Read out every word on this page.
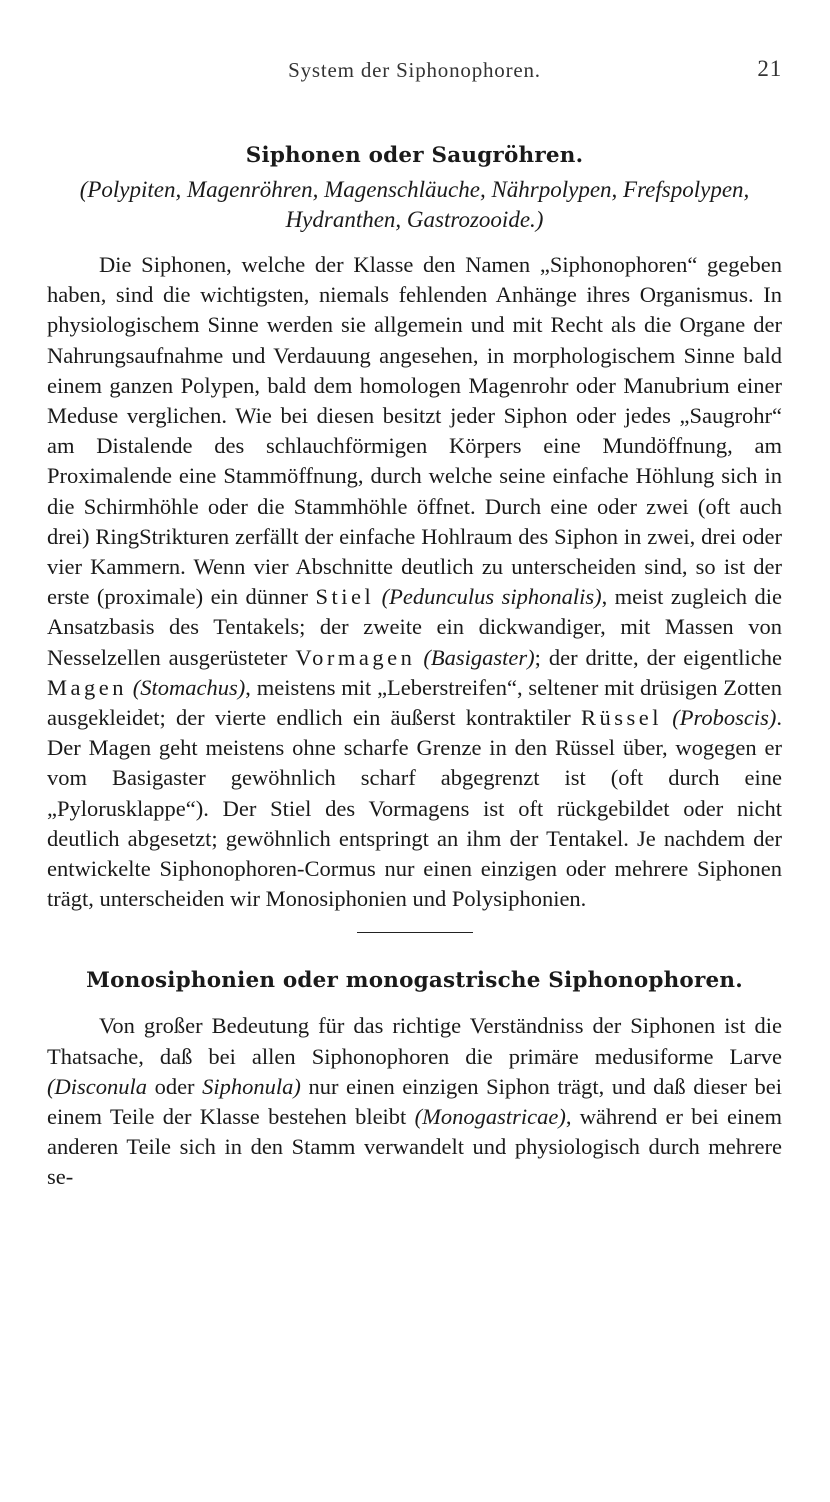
System der Siphonophoren.	21
Siphonen oder Saugröhren.
(Polypiten, Magenröhren, Magenschläuche, Nährpolypen, Frefspolypen, Hydranthen, Gastrozooide.)

Die Siphonen, welche der Klasse den Namen „Siphonophoren“ gegeben haben, sind die wichtigsten, niemals fehlenden Anhänge ihres Organismus. In physiologischem Sinne werden sie allgemein und mit Recht als die Organe der Nahrungsaufnahme und Verdauung angesehen, in morphologischem Sinne bald einem ganzen Polypen, bald dem homologen Magenrohr oder Manubrium einer Meduse verglichen. Wie bei diesen besitzt jeder Siphon oder jedes „Saugrohr“ am Distalende des schlauchförmigen Körpers eine Mundöffnung, am Proximalende eine Stammöffnung, durch welche seine einfache Höhlung sich in die Schirmhöhle oder die Stammhöhle öffnet. Durch eine oder zwei (oft auch drei) RingStrikturen zerfällt der einfache Hohlraum des Siphon in zwei, drei oder vier Kammern. Wenn vier Abschnitte deutlich zu unterscheiden sind, so ist der erste (proximale) ein dünner Stiel (Pedunculus siphonalis), meist zugleich die Ansatzbasis des Tentakels; der zweite ein dickwandiger, mit Massen von Nesselzellen ausgerüsteter Vormagen (Basigaster); der dritte, der eigentliche Magen (Stomachus), meistens mit „Leberstreifen“, seltener mit drüsigen Zotten ausgekleidet; der vierte endlich ein äußerst kontraktiler Rüssel (Proboscis). Der Magen geht meistens ohne scharfe Grenze in den Rüssel über, wogegen er vom Basigaster gewöhnlich scharf abgegrenzt ist (oft durch eine „Pylorusklappe“). Der Stiel des Vormagens ist oft rückgebildet oder nicht deutlich abgesetzt; gewöhnlich entspringt an ihm der Tentakel. Je nachdem der entwickelte Siphonophoren-Cormus nur einen einzigen oder mehrere Siphonen trägt, unterscheiden wir Monosiphonien und Polysiphonien.

Monosiphonien oder monogastrische Siphonophoren.

Von großer Bedeutung für das richtige Verständniss der Siphonen ist die Thatsache, daß bei allen Siphonophoren die primäre medusiforme Larve (Disconula oder Siphonula) nur einen einzigen Siphon trägt, und daß dieser bei einem Teile der Klasse bestehen bleibt (Monogastricae), während er bei einem anderen Teile sich in den Stamm verwandelt und physiologisch durch mehrere se-
